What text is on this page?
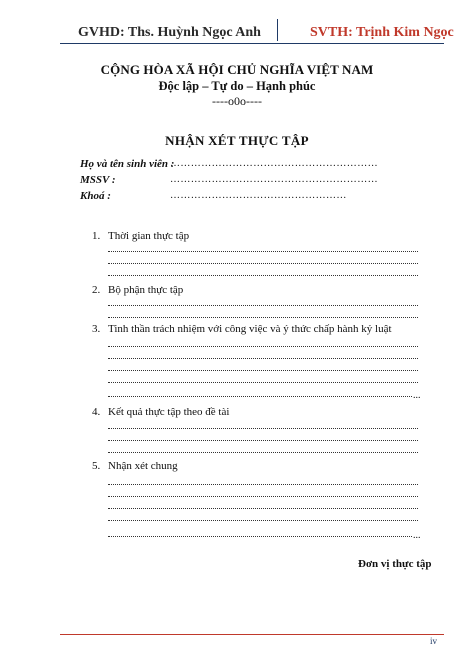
GVHD: Ths. Huỳnh Ngọc Anh	SVTH: Trịnh Kim Ngọc
CỘNG HÒA XÃ HỘI CHỦ NGHĨA VIỆT NAM
Độc lập – Tự do – Hạnh phúc
----o0o----
NHẬN XÉT THỰC TẬP
Họ và tên sinh viên :
……………………………………………………
MSSV :	……………………………………………………
Khoá :	……………………………………………
1. Thời gian thực tập
2. Bộ phận thực tập
3. Tinh thần trách nhiệm với công việc và ý thức chấp hành kỷ luật
...
4. Kết quả thực tập theo đề tài
5. Nhận xét chung
...
Đơn vị thực tập
iv
